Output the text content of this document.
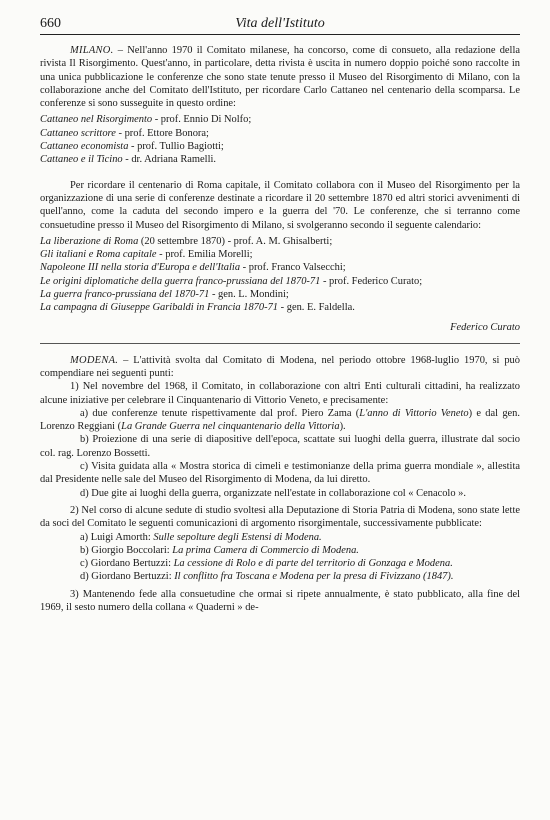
660	Vita dell'Istituto

MILANO. – Nell'anno 1970 il Comitato milanese, ha concorso, come di consueto, alla redazione della rivista Il Risorgimento. Quest'anno, in particolare, detta rivista è uscita in numero doppio poiché sono raccolte in una unica pubblicazione le conferenze che sono state tenute presso il Museo del Risorgimento di Milano, con la collaborazione anche del Comitato dell'Istituto, per ricordare Carlo Cattaneo nel centenario della scomparsa. Le conferenze si sono susseguite in questo ordine:

Cattaneo nel Risorgimento - prof. Ennio Di Nolfo;
Cattaneo scrittore - prof. Ettore Bonora;
Cattaneo economista - prof. Tullio Bagiotti;
Cattaneo e il Ticino - dr. Adriana Ramelli.

Per ricordare il centenario di Roma capitale, il Comitato collabora con il Museo del Risorgimento per la organizzazione di una serie di conferenze destinate a ricordare il 20 settembre 1870 ed altri storici avvenimenti di quell'anno, come la caduta del secondo impero e la guerra del '70. Le conferenze, che si terranno come consuetudine presso il Museo del Risorgimento di Milano, si svolgeranno secondo il seguente calendario:

La liberazione di Roma (20 settembre 1870) - prof. A. M. Ghisalberti;
Gli italiani e Roma capitale - prof. Emilia Morelli;
Napoleone III nella storia d'Europa e dell'Italia - prof. Franco Valsecchi;
Le origini diplomatiche della guerra franco-prussiana del 1870-71 - prof. Federico Curato;
La guerra franco-prussiana del 1870-71 - gen. L. Mondini;
La campagna di Giuseppe Garibaldi in Francia 1870-71 - gen. E. Faldella.
Federico Curato

MODENA. – L'attività svolta dal Comitato di Modena, nel periodo ottobre 1968-luglio 1970, si può compendiare nei seguenti punti:

1) Nel novembre del 1968, il Comitato, in collaborazione con altri Enti culturali cittadini, ha realizzato alcune iniziative per celebrare il Cinquantenario di Vittorio Veneto, e precisamente:

a) due conferenze tenute rispettivamente dal prof. Piero Zama (L'anno di Vittorio Veneto) e dal gen. Lorenzo Reggiani (La Grande Guerra nel cinquantenario della Vittoria).

b) Proiezione di una serie di diapositive dell'epoca, scattate sui luoghi della guerra, illustrate dal socio col. rag. Lorenzo Bossetti.

c) Visita guidata alla « Mostra storica di cimeli e testimonianze della prima guerra mondiale », allestita dal Presidente nelle sale del Museo del Risorgimento di Modena, da lui diretto.

d) Due gite ai luoghi della guerra, organizzate nell'estate in collaborazione col « Cenacolo ».

2) Nel corso di alcune sedute di studio svoltesi alla Deputazione di Storia Patria di Modena, sono state lette da soci del Comitato le seguenti comunicazioni di argomento risorgimentale, successivamente pubblicate:

a) Luigi Amorth: Sulle sepolture degli Estensi di Modena.

b) Giorgio Boccolari: La prima Camera di Commercio di Modena.

c) Giordano Bertuzzi: La cessione di Rolo e di parte del territorio di Gonzaga e Modena.

d) Giordano Bertuzzi: Il conflitto fra Toscana e Modena per la presa di Fivizzano (1847).

3) Mantenendo fede alla consuetudine che ormai si ripete annualmente, è stato pubblicato, alla fine del 1969, il sesto numero della collana « Quaderni » de-
